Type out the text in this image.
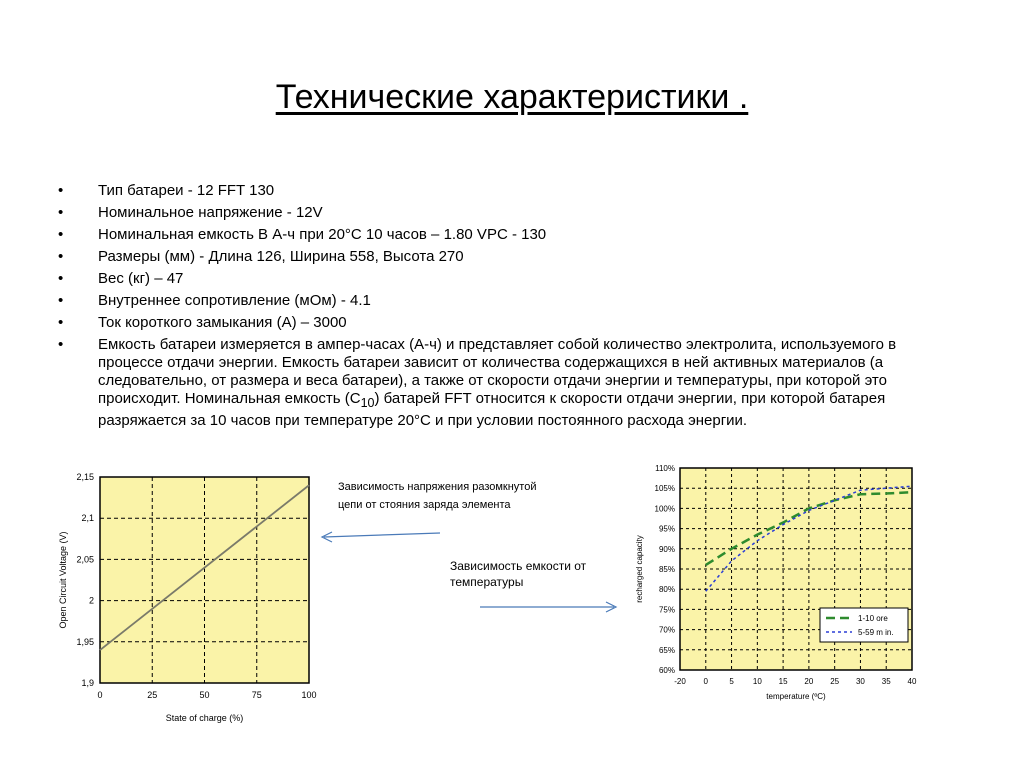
Технические характеристики .
• Тип батареи - 12 FFT 130
• Номинальное напряжение - 12V
• Номинальная емкость В А-ч при 20°С 10 часов – 1.80 VPC - 130
• Размеры (мм) - Длина 126, Ширина 558, Высота 270
• Вес (кг) – 47
• Внутреннее сопротивление (мОм) - 4.1
• Ток короткого замыкания (А) – 3000
• Емкость батареи измеряется в ампер-часах (А-ч) и представляет собой количество электролита, используемого в процессе отдачи энергии. Емкость батареи зависит от количества содержащихся в ней активных материалов (а следовательно, от размера и веса батареи), а также от скорости отдачи энергии и температуры, при которой это происходит. Номинальная емкость $(С_{10})$ батарей FFT относится к скорости отдачи энергии, при которой батарея разряжается за 10 часов при температуре 20°С и при условии постоянного расхода энергии.
Зависимость напряжения разомкнутой цепи от стояния заряда элемента
Зависимость емкости от температуры
0	25	50	75	100
1,9
1,95
2
2,05
2,1
2,15
State of charge (%)
Open Circuit Voltage (V)
-20 0	5 10 15 20 25 30 35 40
60%
65%
70%
75%
80%
85%
90%
95%
100%
105%
110%
1-10 ore
5-59 m in.
temperature (ºC)
recharged capacity
